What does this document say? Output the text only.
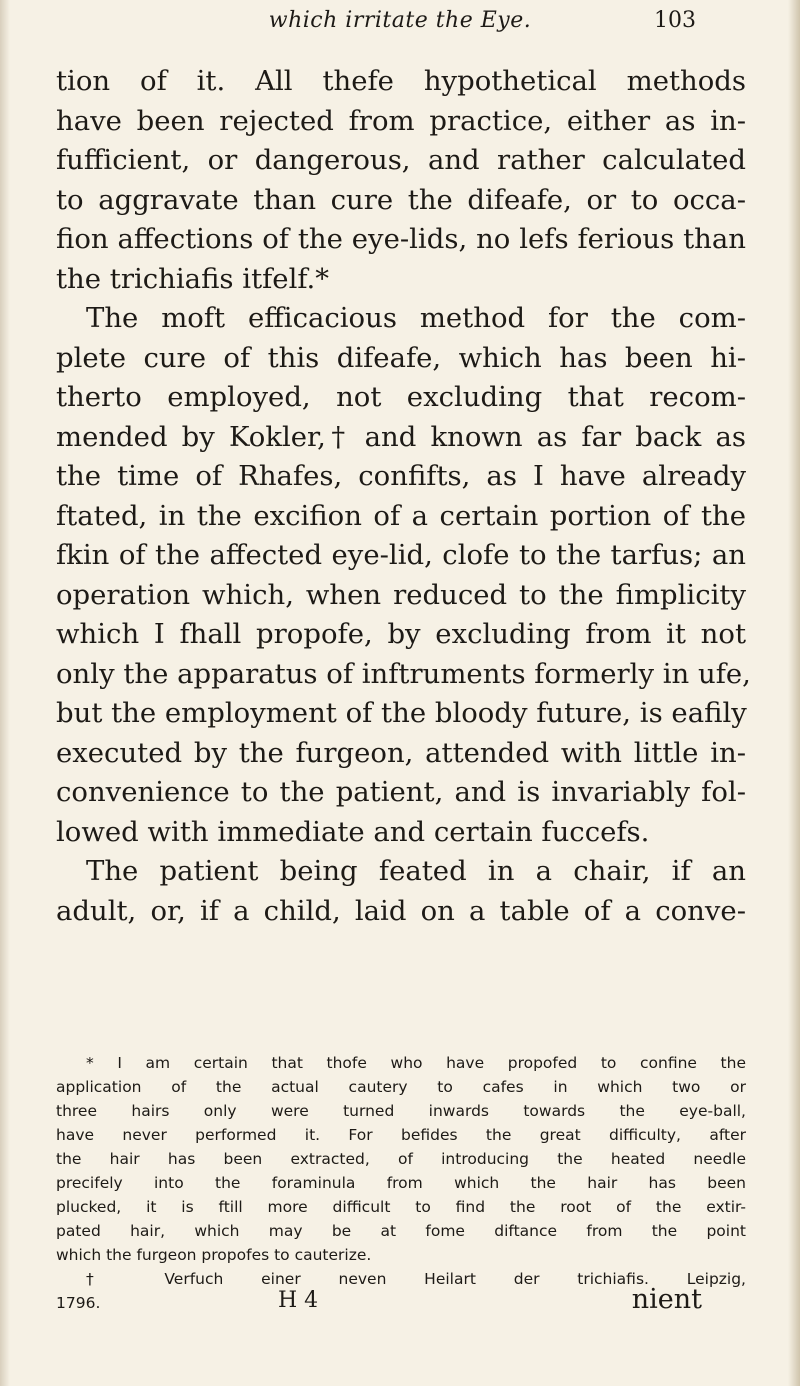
which irritate the Eye.	103
tion of it. All thefe hypothetical methods
have been rejected from practice, either as in-
fufficient, or dangerous, and rather calculated
to aggravate than cure the difeafe, or to occa-
fion affections of the eye-lids, no lefs ferious than
the trichiafis itfelf.*
The moft efficacious method for the com-
plete cure of this difeafe, which has been hi-
therto employed, not excluding that recom-
mended by Kokler,† and known as far back as
the time of Rhafes, confifts, as I have already
ftated, in the excifion of a certain portion of the
fkin of the affected eye-lid, clofe to the tarfus; an
operation which, when reduced to the fimplicity
which I fhall propofe, by excluding from it not
only the apparatus of inftruments formerly in ufe,
but the employment of the bloody future, is eafily
executed by the furgeon, attended with little in-
convenience to the patient, and is invariably fol-
lowed with immediate and certain fuccefs.
The patient being feated in a chair, if an
adult, or, if a child, laid on a table of a conve-
* I am certain that thofe who have propofed to confine the
application of the actual cautery to cafes in which two or
three hairs only were turned inwards towards the eye-ball,
have never performed it. For befides the great difficulty, after
the hair has been extracted, of introducing the heated needle
precifely into the foraminula from which the hair has been
plucked, it is ftill more difficult to find the root of the extir-
pated hair, which may be at fome diftance from the point
which the furgeon propofes to cauterize.
† Verfuch einer neven Heilart der trichiafis. Leipzig,
1796.	H 4	nient
